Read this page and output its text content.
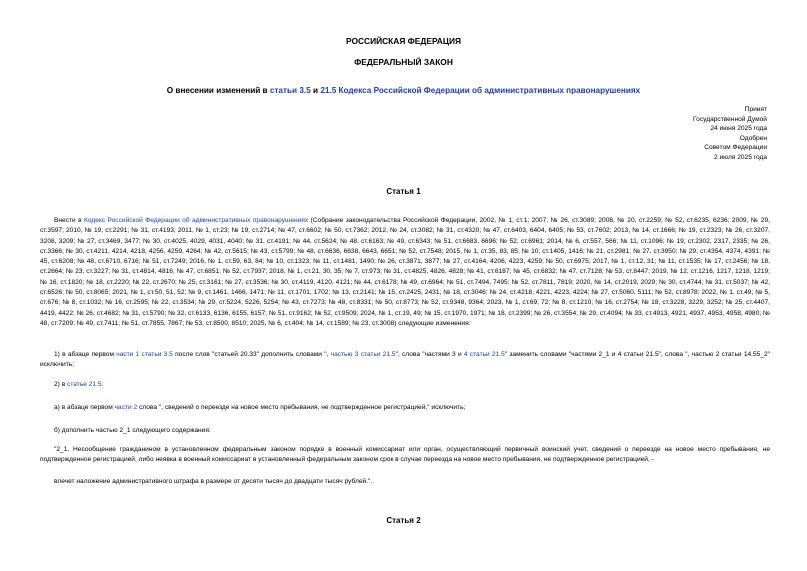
РОССИЙСКАЯ ФЕДЕРАЦИЯ
ФЕДЕРАЛЬНЫЙ ЗАКОН
О внесении изменений в статьи 3.5 и 21.5 Кодекса Российской Федерации об административных правонарушениях
Принят
Государственной Думой
24 июня 2025 года
Одобрен
Советом Федерации
2 июля 2025 года
Статья 1
Внести в Кодекс Российской Федерации об административных правонарушениях (Собрание законодательства Российской Федерации, 2002, № 1, ст.1; 2007, № 26, ст.3089; 2008, № 20, ст.2259; № 52, ст.6235, 6236; 2009, № 29, ст.3597; 2010, № 19, ст.2291; № 31, ст.4193; 2011, № 1, ст.23; № 19, ст.2714; № 47, ст.6602; № 50, ст.7362; 2012, № 24, ст.3082; № 31, ст.4320; № 47, ст.6403, 6404, 6405; № 53, ст.7602; 2013, № 14, ст.1666; № 19, ст.2323; № 26, ст.3207, 3208, 3209; № 27, ст.3469, 3477; № 30, ст.4025, 4029, 4031, 4040; № 31, ст.4191; № 44, ст.5624; № 48, ст.6163; № 49, ст.6343; № 51, ст.6683, 6696; № 52, ст.6961; 2014, № 6, ст.557, 566; № 11, ст.1096; № 19, ст.2302, 2317, 2335; № 26, ст.3366; № 30, ст.4211, 4214, 4218, 4256, 4259, 4264; № 42, ст.5615; № 43, ст.5799; № 48, ст.6636, 6638, 6643, 6651; № 52, ст.7548; 2015, № 1, ст.35, 83, 85; № 10, ст.1405, 1416; № 21, ст.2981; № 27, ст.3950; № 29, ст.4354, 4374, 4391; № 45, ст.6208; № 48, ст.6710, 6716; № 51, ст.7249; 2016, № 1, ст.59, 63, 84; № 10, ст.1323; № 11, ст.1481, 1490; № 26, ст.3871, 3877; № 27, ст.4164, 4206, 4223, 4259; № 50, ст.6975; 2017, № 1, ст.12, 31; № 11, ст.1535; № 17, ст.2456; № 18, ст.2664; № 23, ст.3227; № 31, ст.4814, 4816; № 47, ст.6851; № 52, ст.7937; 2018, № 1, ст.21, 30, 35; № 7, ст.973; № 31, ст.4825, 4826, 4828; № 41, ст.6187; № 45, ст.6832; № 47, ст.7128; № 53, ст.8447; 2019, № 12, ст.1216, 1217, 1218, 1219; № 16, ст.1820; № 18, ст.2220; № 22, ст.2670; № 25, ст.3161; № 27, ст.3536; № 30, ст.4119, 4120, 4121; № 44, ст.6178; № 49, ст.6964; № 51, ст.7494, 7495; № 52, ст.7811, 7819; 2020, № 14, ст.2019, 2029; № 30, ст.4744; № 31, ст.5037; № 42, ст.6526; № 50, ст.8065; 2021, № 1, ст.50, 51, 52; № 9, ст.1461, 1466, 1471; № 11, ст.1701, 1702; № 13, ст.2141; № 15, ст.2425, 2431; № 18, ст.3046; № 24, ст.4218, 4221, 4223, 4224; № 27, ст.5060, 5111; № 52, ст.8978; 2022, № 1, ст.49; № 5, ст.676; № 8, ст.1032; № 16, ст.2595; № 22, ст.3534; № 29, ст.5224, 5226, 5254; № 43, ст.7273; № 48, ст.8331; № 50, ст.8773; № 52, ст.9348, 9364; 2023, № 1, ст.69, 72; № 8, ст.1210; № 16, ст.2754; № 18, ст.3228, 3229, 3252; № 25, ст.4407, 4419, 4422; № 26, ст.4682; № 31, ст.5790; № 32, ст.6133, 6136, 6155, 6157; № 51, ст.9162; № 52, ст.9509; 2024, № 1, ст.19, 49; № 15, ст.1970, 1971; № 18, ст.2399; № 26, ст.3554; № 29, ст.4094; № 33, ст.4913, 4921, 4937, 4953, 4958, 4980; № 48, ст.7209; № 49, ст.7411; № 51, ст.7855, 7867; № 53, ст.8500, 8510; 2025, № 6, ст.404; № 14, ст.1589; № 23, ст.3008) следующие изменения:
1) в абзаце первом части 1 статьи 3.5 после слов "статьей 20.33" дополнить словами ", частью 3 статьи 21.5", слова "частями 3 и 4 статьи 21.5" заменить словами "частями 2_1 и 4 статьи 21.5", слова ", частью 2 статьи 14.55_2" исключить;
2) в статье 21.5:
а) в абзаце первом части 2 слова ", сведений о переезде на новое место пребывания, не подтвержденное регистрацией," исключить;
б) дополнить частью 2_1 следующего содержания:
"2_1. Несообщение гражданином в установленном федеральным законом порядке в военный комиссариат или орган, осуществляющий первичный воинский учет, сведений о переезде на новое место пребывания, не подтвержденное регистрацией, либо неявка в военный комиссариат в установленный федеральным законом срок в случае переезда на новое место пребывания, не подтвержденное регистрацией, -
влечет наложение административного штрафа в размере от десяти тысяч до двадцати тысяч рублей.".
Статья 2
